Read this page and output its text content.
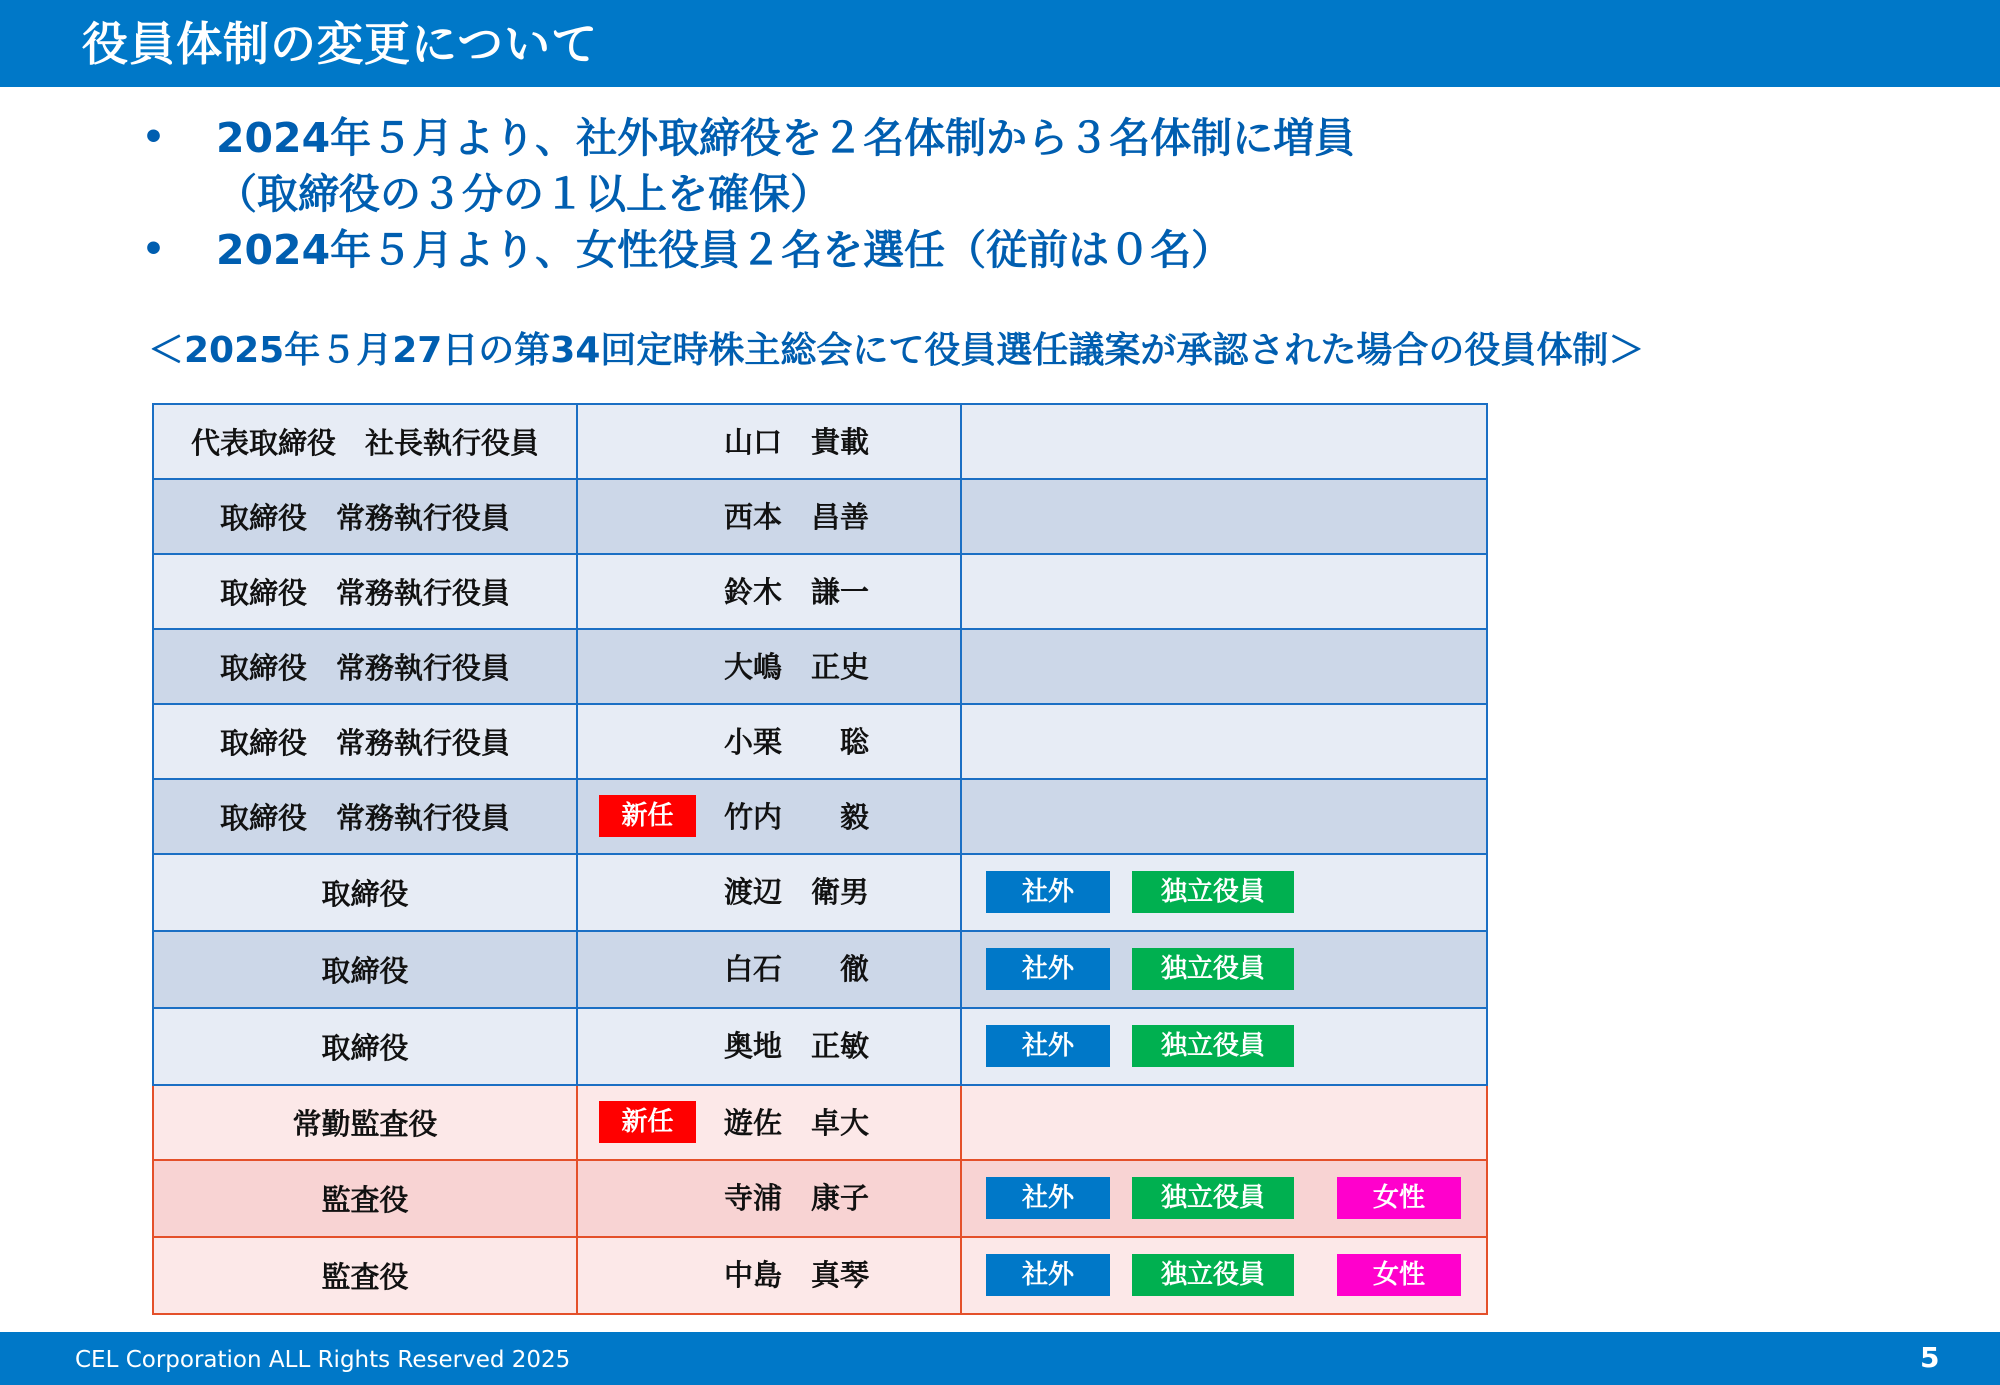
役員体制の変更について
• 2024年５月より、社外取締役を２名体制から３名体制に増員
（取締役の３分の１以上を確保）
• 2024年５月より、女性役員２名を選任（従前は０名）
＜2025年５月27日の第34回定時株主総会にて役員選任議案が承認された場合の役員体制＞
代表取締役　社長執行役員	山口　貴載	

取締役　常務執行役員	西本　昌善	

取締役　常務執行役員	鈴木　謙一	

取締役　常務執行役員	大嶋　正史	

取締役　常務執行役員	小栗　　聡	

取締役　常務執行役員	新任 竹内　　毅	

取締役	渡辺　衛男	社外 独立役員

取締役	白石　　徹	社外 独立役員

取締役	奥地　正敏	社外 独立役員

常勤監査役	新任 遊佐　卓大	

監査役	寺浦　康子	社外 独立役員 女性

監査役	中島　真琴	社外 独立役員 女性
CEL Corporation ALL Rights Reserved 2025	5
